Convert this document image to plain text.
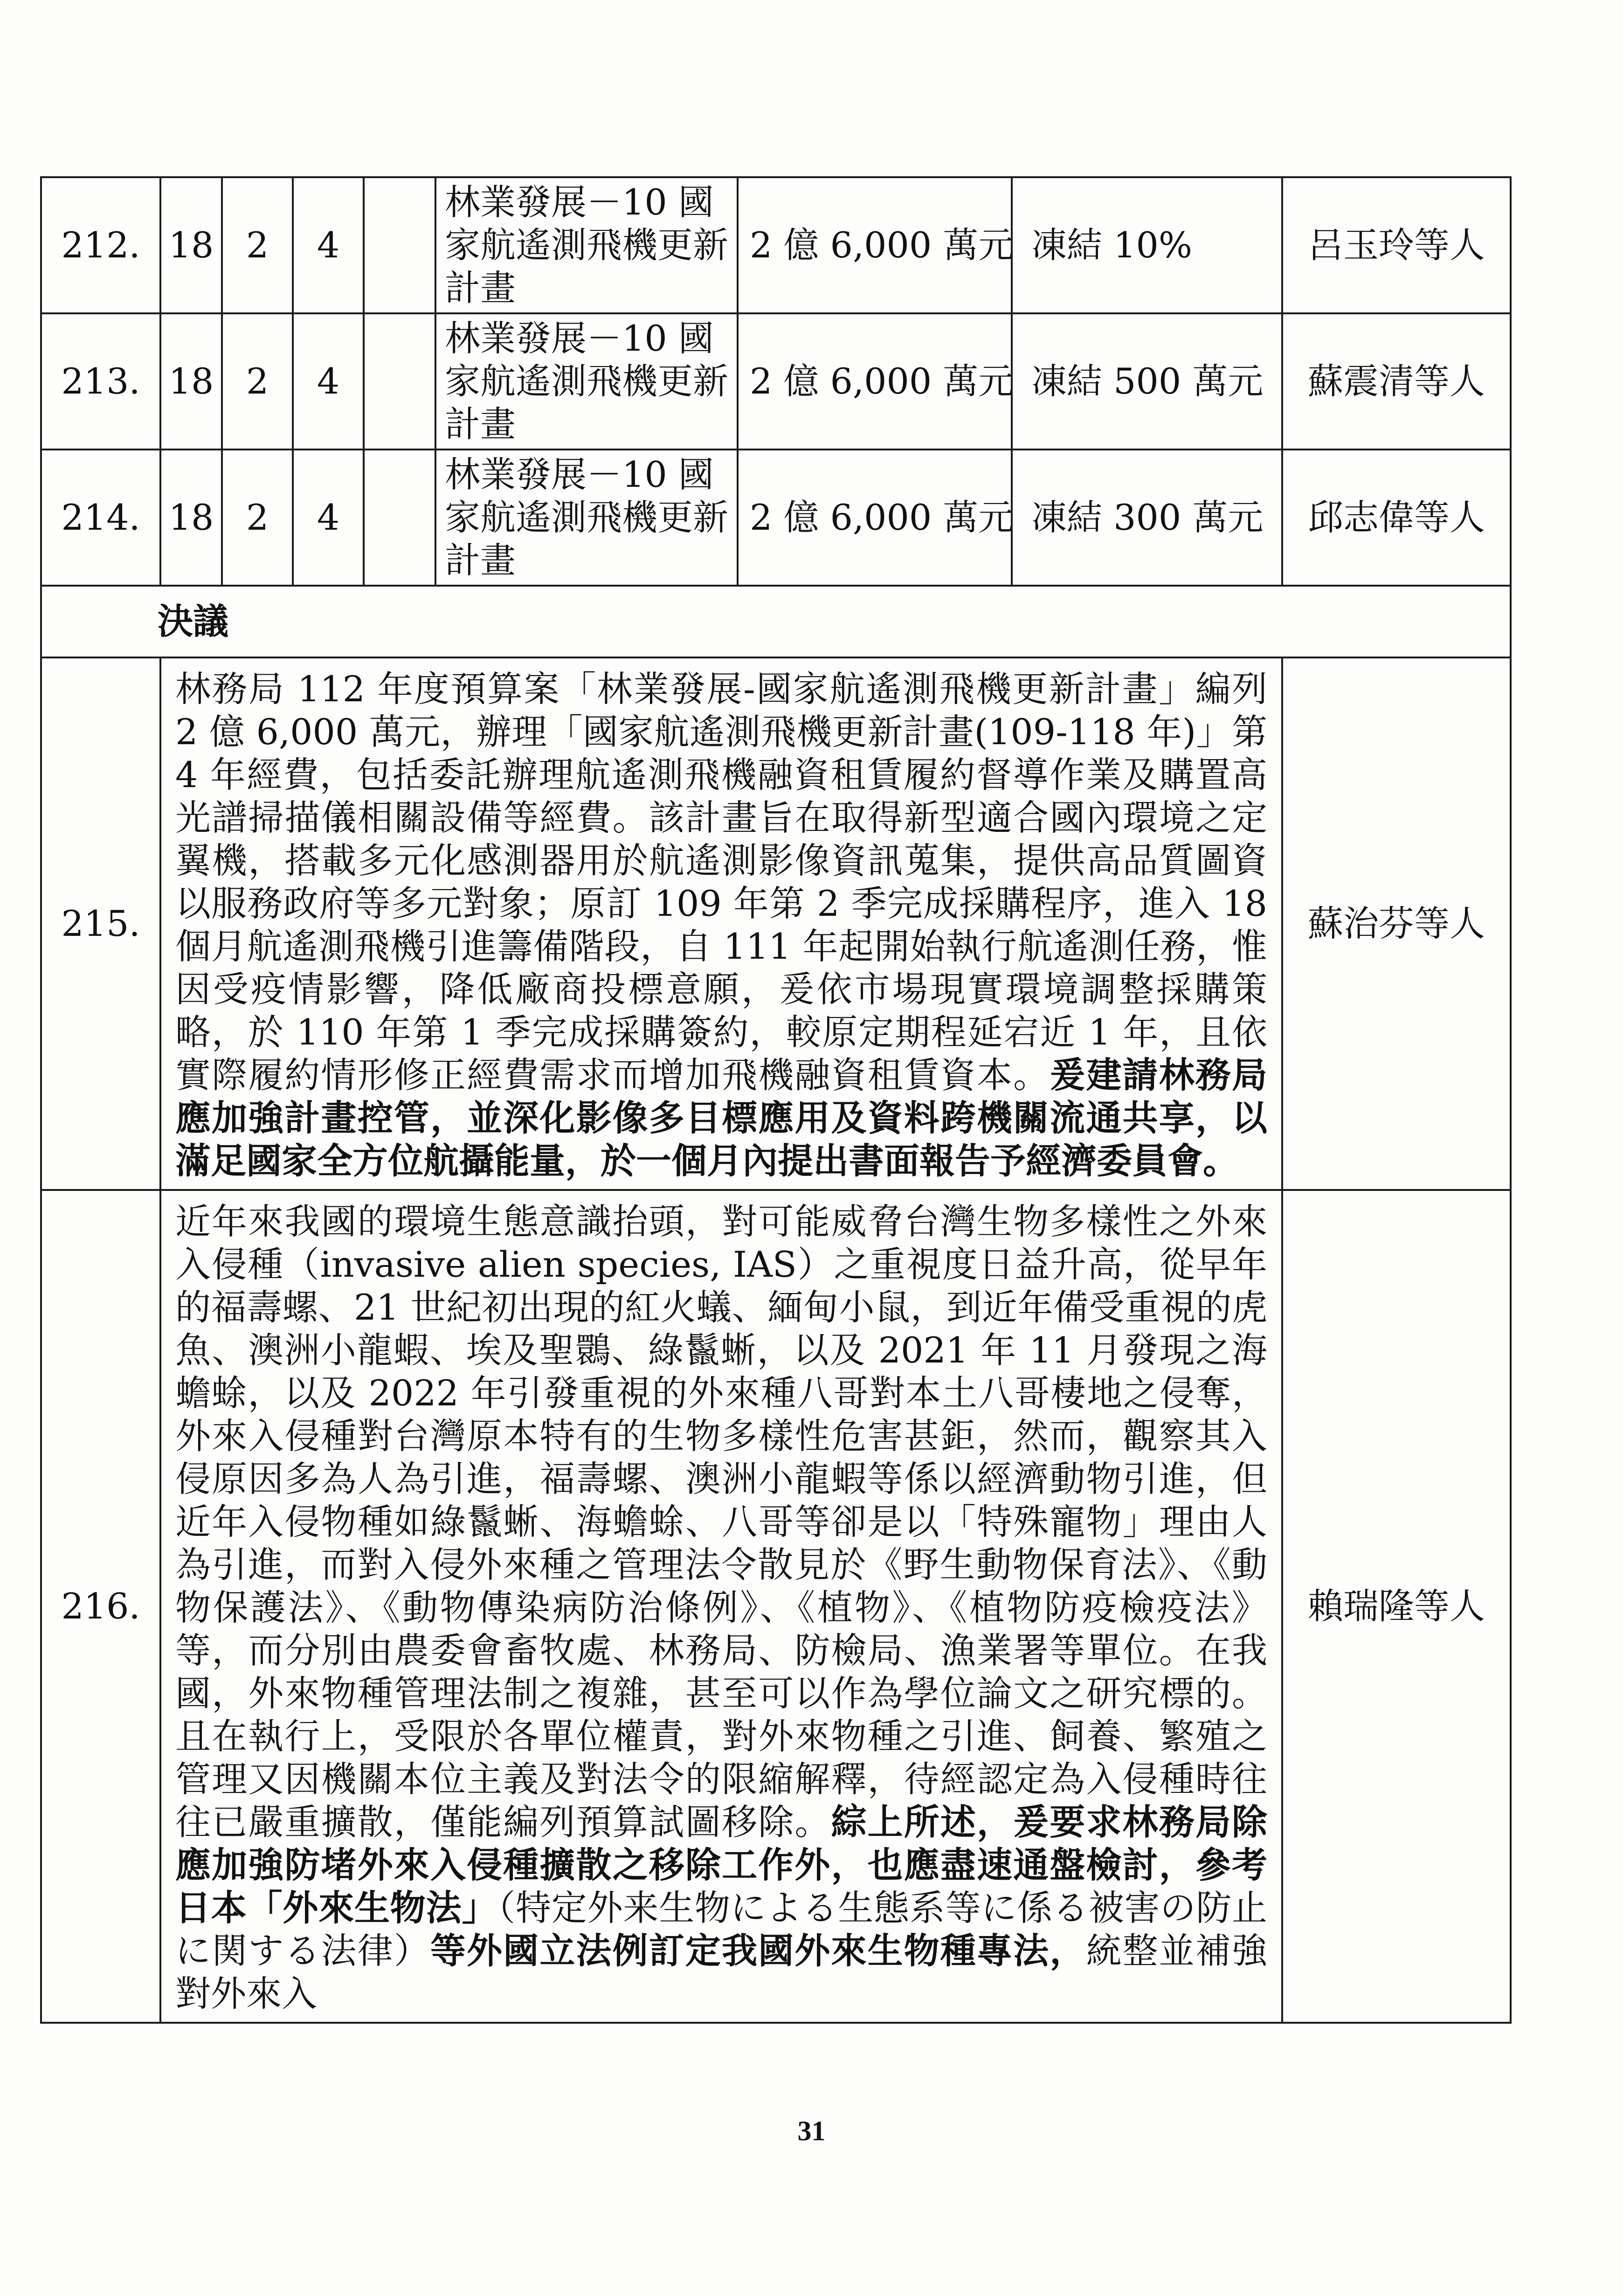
212.	18	2	4		林業發展－10 國
家航遙測飛機更新
計畫	2 億 6,000 萬元	凍結 10%	呂玉玲等人
213.	18	2	4		林業發展－10 國
家航遙測飛機更新
計畫	2 億 6,000 萬元	凍結 500 萬元	蘇震清等人
214.	18	2	4		林業發展－10 國
家航遙測飛機更新
計畫	2 億 6,000 萬元	凍結 300 萬元	邱志偉等人
決議								
215.	林務局 112 年度預算案「林業發展-國家航遙測飛機更新計畫」編列 2 億 6,000 萬元，辦理「國家航遙測飛機更新計畫(109-118 年)」第 4 年經費，包括委託辦理航遙測飛機融資租賃履約督導作業及購置高光譜掃描儀相關設備等經費。該計畫旨在取得新型適合國內環境之定翼機，搭載多元化感測器用於航遙測影像資訊蒐集，提供高品質圖資以服務政府等多元對象；原訂 109 年第 2 季完成採購程序，進入 18 個月航遙測飛機引進籌備階段，自 111 年起開始執行航遙測任務，惟因受疫情影響，降低廠商投標意願，爰依市場現實環境調整採購策略，於 110 年第 1 季完成採購簽約，較原定期程延宕近 1 年，且依實際履約情形修正經費需求而增加飛機融資租賃資本。爰建請林務局應加強計畫控管，並深化影像多目標應用及資料跨機關流通共享，以滿足國家全方位航攝能量，於一個月內提出書面報告予經濟委員會。							蘇治芬等人
216.	近年來我國的環境生態意識抬頭，對可能威脅台灣生物多樣性之外來入侵種（invasive alien species, IAS）之重視度日益升高，從早年的福壽螺、21 世紀初出現的紅火蟻、緬甸小鼠，到近年備受重視的虎魚、澳洲小龍蝦、埃及聖䴉、綠鬣蜥，以及 2021 年 11 月發現之海蟾蜍，以及 2022 年引發重視的外來種八哥對本土八哥棲地之侵奪，外來入侵種對台灣原本特有的生物多樣性危害甚鉅，然而，觀察其入侵原因多為人為引進，福壽螺、澳洲小龍蝦等係以經濟動物引進，但近年入侵物種如綠鬣蜥、海蟾蜍、八哥等卻是以「特殊寵物」理由人為引進，而對入侵外來種之管理法令散見於《野生動物保育法》、《動物保護法》、《動物傳染病防治條例》、《植物》、《植物防疫檢疫法》等，而分別由農委會畜牧處、林務局、防檢局、漁業署等單位。在我國，外來物種管理法制之複雜，甚至可以作為學位論文之研究標的。且在執行上，受限於各單位權責，對外來物種之引進、飼養、繁殖之管理又因機關本位主義及對法令的限縮解釋，待經認定為入侵種時往往已嚴重擴散，僅能編列預算試圖移除。綜上所述，爰要求林務局除應加強防堵外來入侵種擴散之移除工作外，也應盡速通盤檢討，參考日本「外來生物法」（特定外来生物による生態系等に係る被害の防止に関する法律）等外國立法例訂定我國外來生物種專法，統整並補強對外來入							賴瑞隆等人
31
